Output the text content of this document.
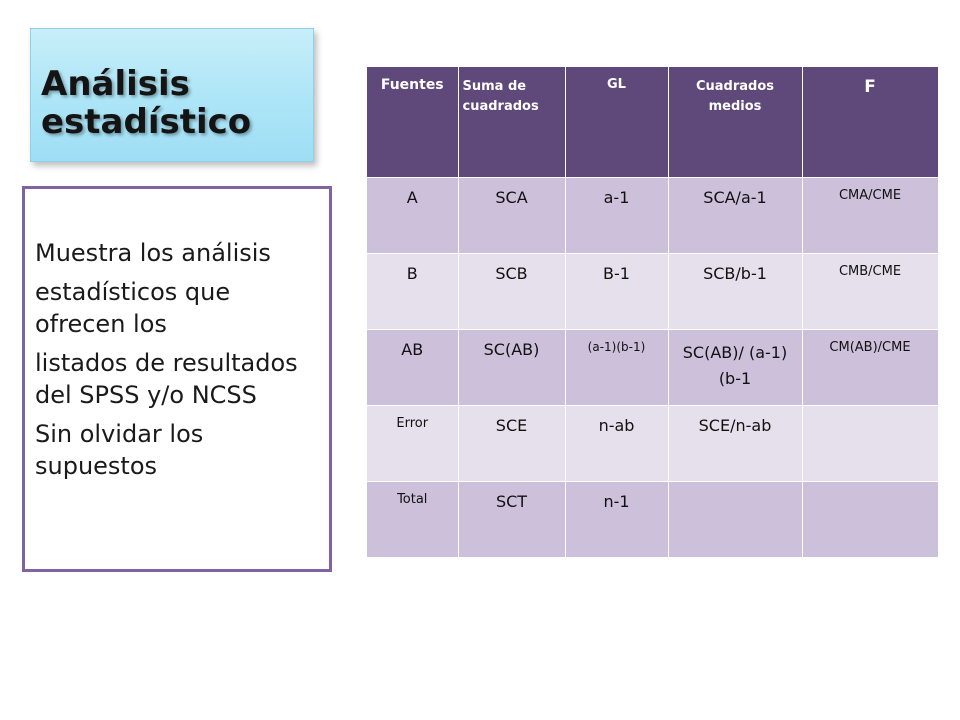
Análisis estadístico

Muestra los análisis

estadísticos que ofrecen los

listados de resultados del SPSS y/o NCSS

Sin olvidar los supuestos

Fuentes	Suma de cuadrados	GL	Cuadrados medios	F
A	SCA	a-1	SCA/a-1	CMA/CME
B	SCB	B-1	SCB/b-1	CMB/CME
AB	SC(AB)	(a-1)(b-1)	SC(AB)/ (a-1)(b-1	CM(AB)/CME
Error	SCE	n-ab	SCE/n-ab	
Total	SCT	n-1		
